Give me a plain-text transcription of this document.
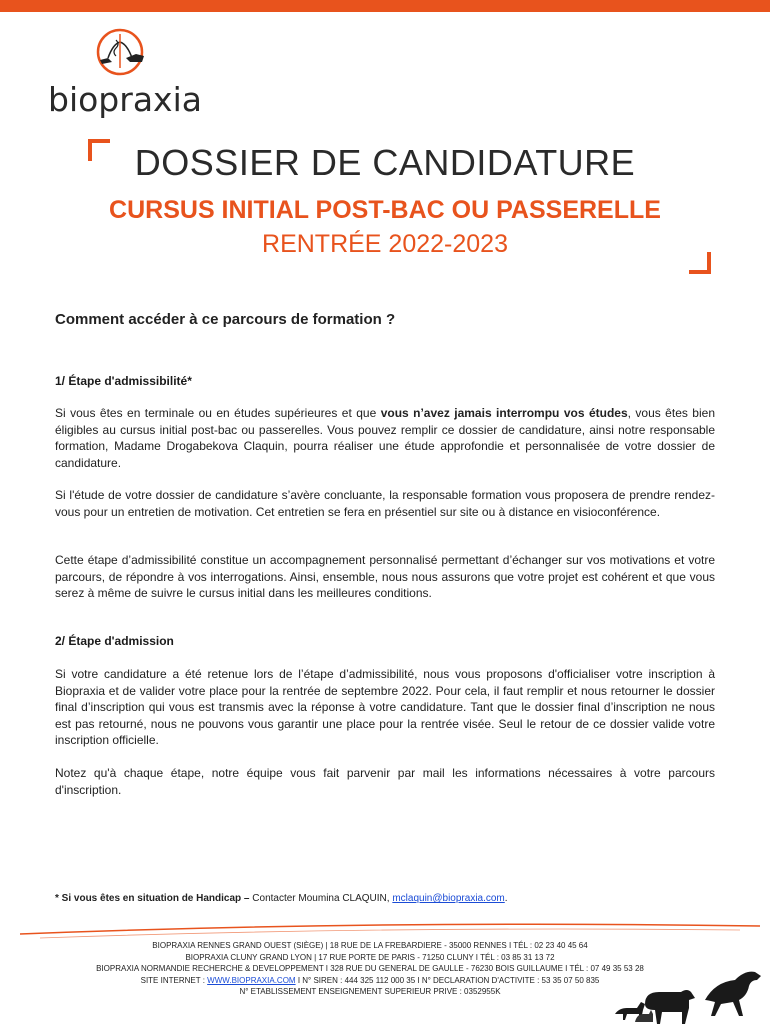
biopraxia
DOSSIER DE CANDIDATURE
CURSUS INITIAL POST-BAC OU PASSERELLE
RENTRÉE 2022-2023
Comment accéder à ce parcours de formation ?
1/ Étape d'admissibilité*
Si vous êtes en terminale ou en études supérieures et que vous n’avez jamais interrompu vos études, vous êtes bien éligibles au cursus initial post-bac ou passerelles. Vous pouvez remplir ce dossier de candidature, ainsi notre responsable formation, Madame Drogabekova Claquin, pourra réaliser une étude approfondie et personnalisée de votre dossier de candidature.
Si l'étude de votre dossier de candidature s’avère concluante, la responsable formation vous proposera de prendre rendez-vous pour un entretien de motivation. Cet entretien se fera en présentiel sur site ou à distance en visioconférence.
Cette étape d’admissibilité constitue un accompagnement personnalisé permettant d’échanger sur vos motivations et votre parcours, de répondre à vos interrogations. Ainsi, ensemble, nous nous assurons que votre projet est cohérent et que vous serez à même de suivre le cursus initial dans les meilleures conditions.
2/ Étape d'admission
Si votre candidature a été retenue lors de l’étape d’admissibilité, nous vous proposons d'officialiser votre inscription à Biopraxia et de valider votre place pour la rentrée de septembre 2022. Pour cela, il faut remplir et nous retourner le dossier final d’inscription qui vous est transmis avec la réponse à votre candidature. Tant que le dossier final d’inscription ne nous est pas retourné, nous ne pouvons vous garantir une place pour la rentrée visée. Seul le retour de ce dossier valide votre inscription officielle.
Notez qu'à chaque étape, notre équipe vous fait parvenir par mail les informations nécessaires à votre parcours d'inscription.
* Si vous êtes en situation de Handicap – Contacter Moumina CLAQUIN, mclaquin@biopraxia.com.
BIOPRAXIA RENNES GRAND OUEST (SIÈGE) | 18 RUE DE LA FREBARDIERE - 35000 RENNES I TÉL : 02 23 40 45 64
BIOPRAXIA CLUNY GRAND LYON | 17 RUE PORTE DE PARIS - 71250 CLUNY I TÉL : 03 85 31 13 72
BIOPRAXIA NORMANDIE RECHERCHE & DEVELOPPEMENT I 328 RUE DU GENERAL DE GAULLE - 76230 BOIS GUILLAUME I TÉL : 07 49 35 53 28
SITE INTERNET : WWW.BIOPRAXIA.COM I N° SIREN : 444 325 112 000 35 I N° DECLARATION D'ACTIVITE : 53 35 07 50 835
N° ETABLISSEMENT ENSEIGNEMENT SUPERIEUR PRIVE : 0352955K
